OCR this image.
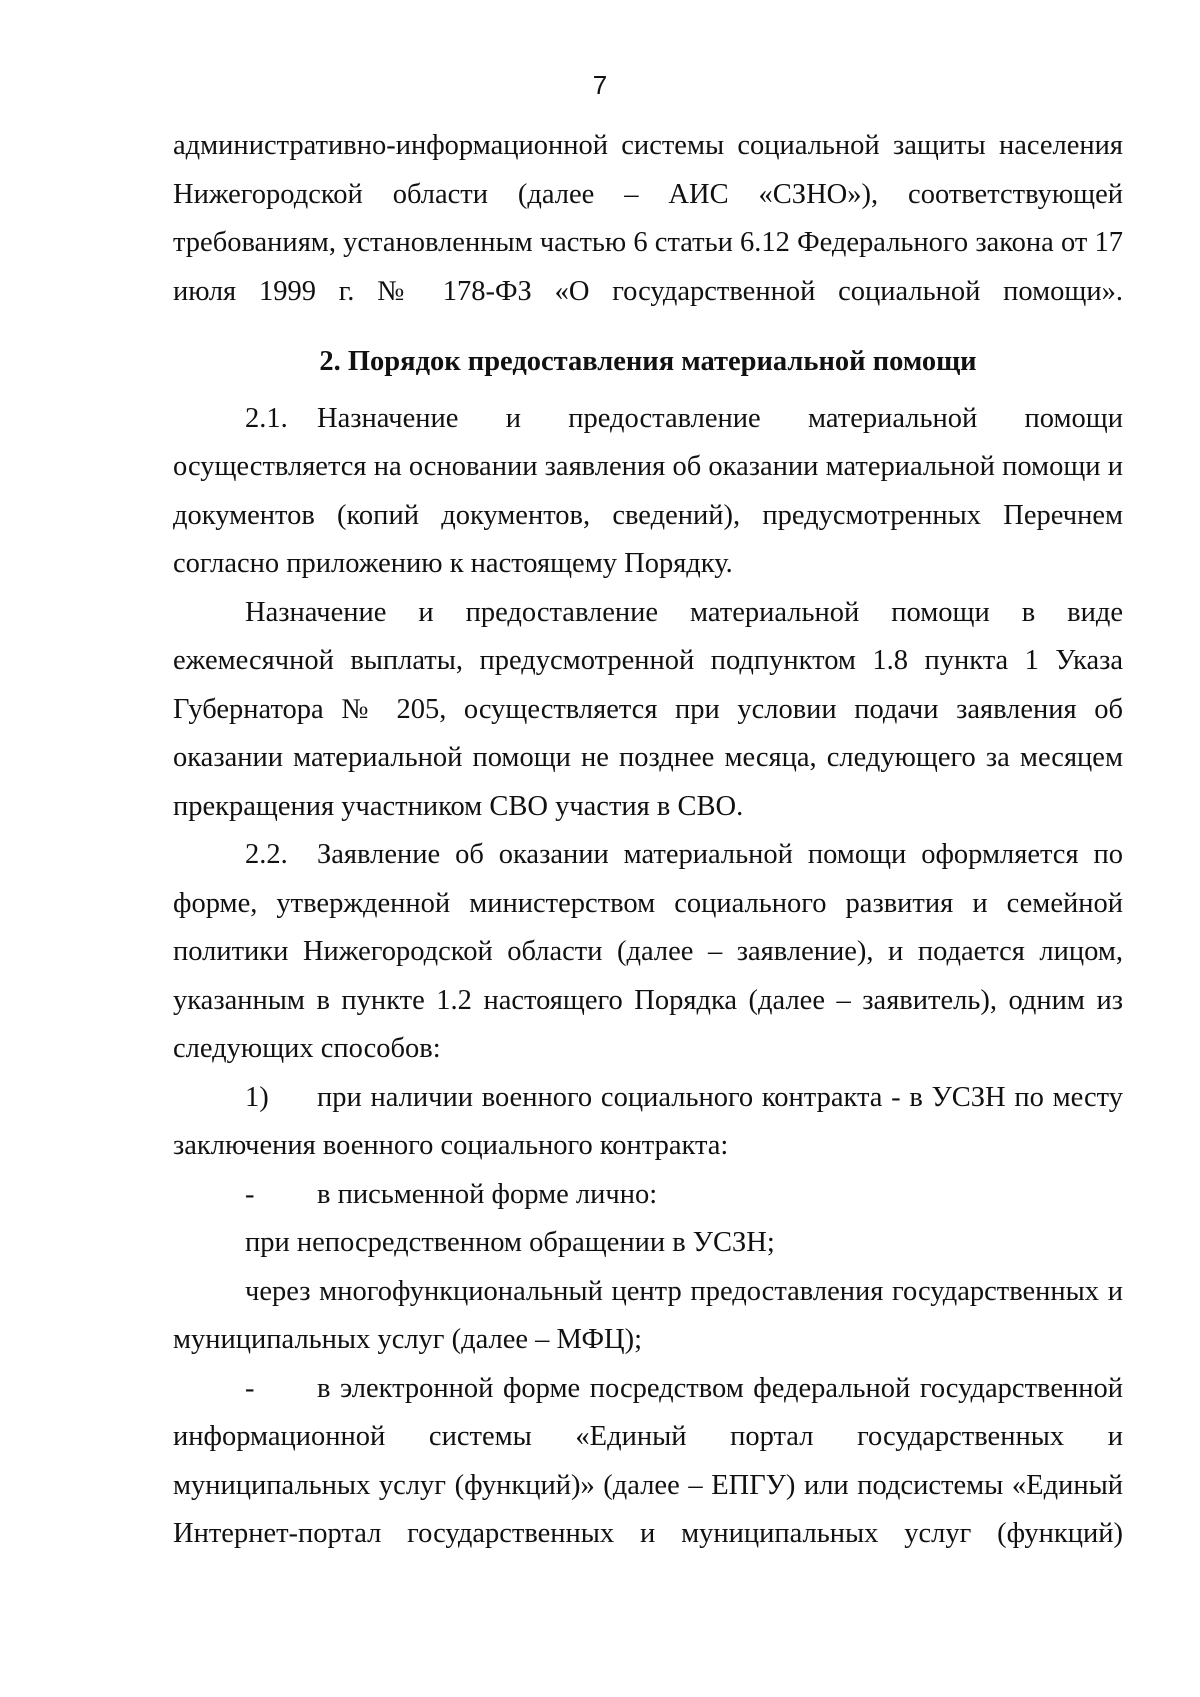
7

административно-информационной системы социальной защиты населения Нижегородской области (далее – АИС «СЗНО»), соответствующей требованиям, установленным частью 6 статьи 6.12 Федерального закона от 17 июля 1999 г. № 178-ФЗ «О государственной социальной помощи».

2. Порядок предоставления материальной помощи

2.1. Назначение и предоставление материальной помощи осуществляется на основании заявления об оказании материальной помощи и документов (копий документов, сведений), предусмотренных Перечнем согласно приложению к настоящему Порядку.

Назначение и предоставление материальной помощи в виде ежемесячной выплаты, предусмотренной подпунктом 1.8 пункта 1 Указа Губернатора № 205, осуществляется при условии подачи заявления об оказании материальной помощи не позднее месяца, следующего за месяцем прекращения участником СВО участия в СВО.

2.2. Заявление об оказании материальной помощи оформляется по форме, утвержденной министерством социального развития и семейной политики Нижегородской области (далее – заявление), и подается лицом, указанным в пункте 1.2 настоящего Порядка (далее – заявитель), одним из следующих способов:

1) при наличии военного социального контракта - в УСЗН по месту заключения военного социального контракта:

- в письменной форме лично:

при непосредственном обращении в УСЗН;

через многофункциональный центр предоставления государственных и муниципальных услуг (далее – МФЦ);

- в электронной форме посредством федеральной государственной информационной системы «Единый портал государственных и муниципальных услуг (функций)» (далее – ЕПГУ) или подсистемы «Единый Интернет-портал государственных и муниципальных услуг (функций)
